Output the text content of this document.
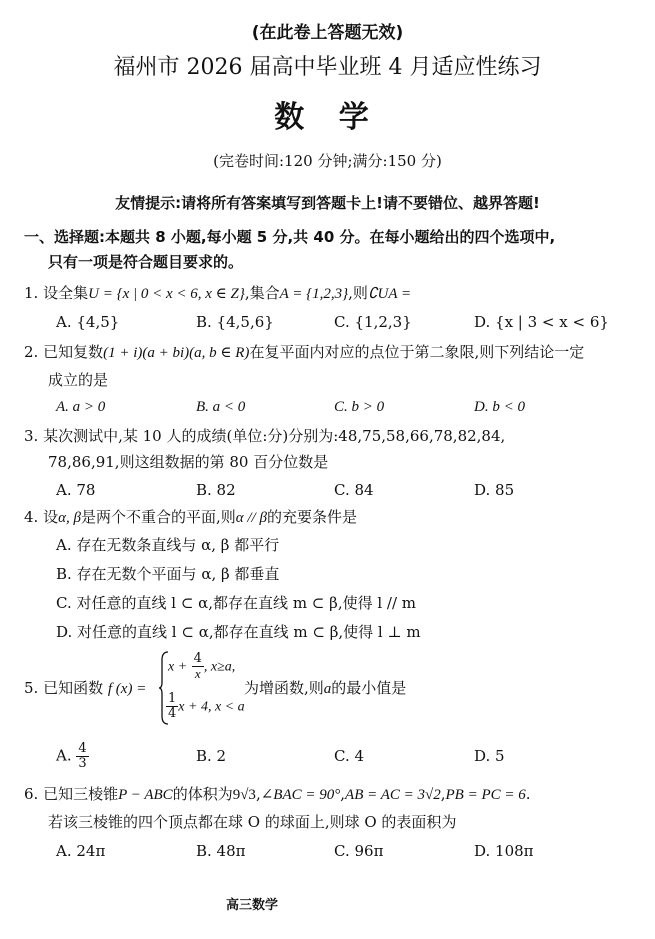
(在此卷上答题无效)
福州市 2026 届高中毕业班 4 月适应性练习
数 学
(完卷时间:120 分钟;满分:150 分)
友情提示:请将所有答案填写到答题卡上!请不要错位、越界答题!
一、选择题:本题共 8 小题,每小题 5 分,共 40 分。在每小题给出的四个选项中,
只有一项是符合题目要求的。
1. 设全集U = {x | 0 < x < 6, x ∈ Z},集合A = {1,2,3},则∁UA =
A. {4,5}	B. {4,5,6}	C. {1,2,3}	D. {x | 3 < x < 6}
2. 已知复数(1 + i)(a + bi)(a, b ∈ R)在复平面内对应的点位于第二象限,则下列结论一定
成立的是
A. a > 0	B. a < 0	C. b > 0	D. b < 0
3. 某次测试中,某 10 人的成绩(单位:分)分别为:48,75,58,66,78,82,84,
78,86,91,则这组数据的第 80 百分位数是
A. 78	B. 82	C. 84	D. 85
4. 设α, β是两个不重合的平面,则α // β的充要条件是
A. 存在无数条直线与 α, β 都平行
B. 存在无数个平面与 α, β 都垂直
C. 对任意的直线 l ⊂ α,都存在直线 m ⊂ β,使得 l // m
D. 对任意的直线 l ⊂ α,都存在直线 m ⊂ β,使得 l ⊥ m
5. 已知函数 f (x) =
$x + \frac{4}{x}$ , x≥a,
$\frac{1}{4}$ x + 4, x < a
为增函数,则a的最小值是
A. $\frac{4}{3}$	B. 2	C. 4	D. 5
6. 已知三棱锥P − ABC的体积为9√3,∠BAC = 90°,AB = AC = 3√2,PB = PC = 6.
若该三棱锥的四个顶点都在球 O 的球面上,则球 O 的表面积为
A. 24π	B. 48π	C. 96π	D. 108π
高三数学
